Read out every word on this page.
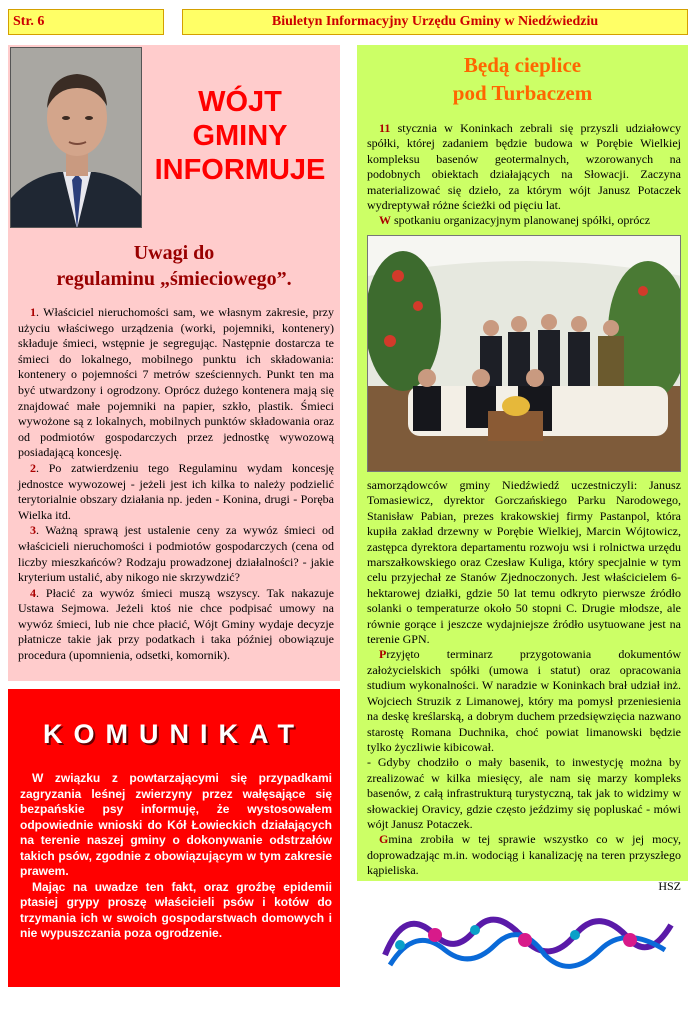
Str. 6	Biuletyn Informacyjny Urzędu Gminy w Niedźwiedziu
WÓJT
GMINY
INFORMUJE
Uwagi do
regulaminu „śmieciowego”.

1. Właściciel nieruchomości sam, we własnym zakresie, przy użyciu właściwego urządzenia (worki, pojemniki, kontenery) składuje śmieci, wstępnie je segregując. Następnie dostarcza te śmieci do lokalnego, mobilnego punktu ich składowania: kontenery o pojemności 7 metrów sześciennych. Punkt ten ma być utwardzony i ogrodzony. Oprócz dużego kontenera mają się znajdować małe pojemniki na papier, szkło, plastik. Śmieci wywożone są z lokalnych, mobilnych punktów składowania oraz od podmiotów gospodarczych przez jednostkę wywozową posiadającą koncesję.

2. Po zatwierdzeniu tego Regulaminu wydam koncesję jednostce wywozowej - jeżeli jest ich kilka to należy podzielić terytorialnie obszary działania np. jeden - Konina, drugi - Poręba Wielka itd.

3. Ważną sprawą jest ustalenie ceny za wywóz śmieci od właścicieli nieruchomości i podmiotów gospodarczych (cena od liczby mieszkańców? Rodzaju prowadzonej działalności? - jakie kryterium ustalić, aby nikogo nie skrzywdzić?

4. Płacić za wywóz śmieci muszą wszyscy. Tak nakazuje Ustawa Sejmowa. Jeżeli ktoś nie chce podpisać umowy na wywóz śmieci, lub nie chce płacić, Wójt Gminy wydaje decyzje płatnicze takie jak przy podatkach i taka później obowiązuje procedura (upomnienia, odsetki, komornik).

KOMUNIKAT

W związku z powtarzającymi się przypadkami zagryzania leśnej zwierzyny przez wałęsające się bezpańskie psy informuję, że wystosowałem odpowiednie wnioski do Kół Łowieckich działających na terenie naszej gminy o dokonywanie odstrzałów takich psów, zgodnie z obowiązującym w tym zakresie prawem.

Mając na uwadze ten fakt, oraz groźbę epidemii ptasiej grypy proszę właścicieli psów i kotów do trzymania ich w swoich gospodarstwach domowych i nie wypuszczania poza ogrodzenie.

Będą cieplice
pod Turbaczem

11 stycznia w Koninkach zebrali się przyszli udziałowcy spółki, której zadaniem będzie budowa w Porębie Wielkiej kompleksu basenów geotermalnych, wzorowanych na podobnych obiektach działających na Słowacji. Zaczyna materializować się dzieło, za którym wójt Janusz Potaczek wydreptywał różne ścieżki od pięciu lat.

W spotkaniu organizacyjnym planowanej spółki, oprócz

samorządowców gminy Niedźwiedź uczestniczyli: Janusz Tomasiewicz, dyrektor Gorczańskiego Parku Narodowego, Stanisław Pabian, prezes krakowskiej firmy Pastanpol, która kupiła zakład drzewny w Porębie Wielkiej, Marcin Wójtowicz, zastępca dyrektora departamentu rozwoju wsi i rolnictwa urzędu marszałkowskiego oraz Czesław Kuliga, który specjalnie w tym celu przyjechał ze Stanów Zjednoczonych. Jest właścicielem 6-hektarowej działki, gdzie 50 lat temu odkryto pierwsze źródło solanki o temperaturze około 50 stopni C. Drugie młodsze, ale równie gorące i jeszcze wydajniejsze źródło usytuowane jest na terenie GPN.

Przyjęto terminarz przygotowania dokumentów założycielskich spółki (umowa i statut) oraz opracowania studium wykonalności. W naradzie w Koninkach brał udział inż. Wojciech Struzik z Limanowej, który ma pomysł przeniesienia na deskę kreślarską, a dobrym duchem przedsięwzięcia nazwano starostę Romana Duchnika, choć powiat limanowski będzie tylko życzliwie kibicował.

- Gdyby chodziło o mały basenik, to inwestycję można by zrealizować w kilka miesięcy, ale nam się marzy kompleks basenów, z całą infrastrukturą turystyczną, tak jak to widzimy w słowackiej Oravicy, gdzie często jeździmy się popluskać - mówi wójt Janusz Potaczek.

Gmina zrobiła w tej sprawie wszystko co w jej mocy, doprowadzając m.in. wodociąg i kanalizację na teren przyszłego kąpieliska.

HSZ
